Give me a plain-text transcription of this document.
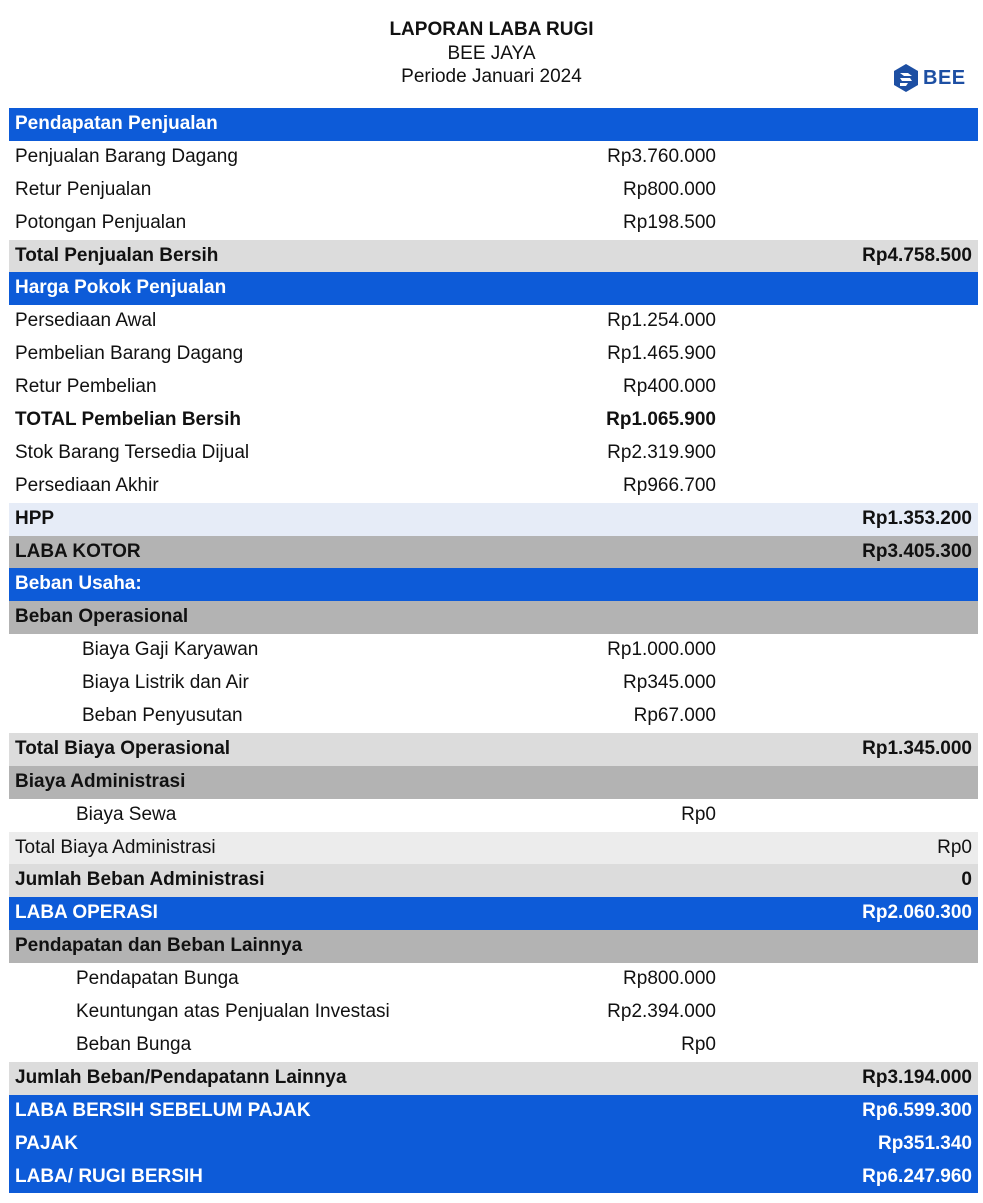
LAPORAN LABA RUGI
BEE JAYA
Periode Januari 2024	BEE
Pendapatan Penjualan
Penjualan Barang Dagang	Rp3.760.000
Retur Penjualan	Rp800.000
Potongan Penjualan	Rp198.500
Total Penjualan Bersih	Rp4.758.500
Harga Pokok Penjualan
Persediaan Awal	Rp1.254.000
Pembelian Barang Dagang	Rp1.465.900
Retur Pembelian	Rp400.000
TOTAL Pembelian Bersih	Rp1.065.900
Stok Barang Tersedia Dijual	Rp2.319.900
Persediaan Akhir	Rp966.700
HPP	Rp1.353.200
LABA KOTOR	Rp3.405.300
Beban Usaha:
Beban Operasional
Biaya Gaji Karyawan	Rp1.000.000
Biaya Listrik dan Air	Rp345.000
Beban Penyusutan	Rp67.000
Total Biaya Operasional	Rp1.345.000
Biaya Administrasi
Biaya Sewa	Rp0
Total Biaya Administrasi	Rp0
Jumlah Beban Administrasi	0
LABA OPERASI	Rp2.060.300
Pendapatan dan Beban Lainnya
Pendapatan Bunga	Rp800.000
Keuntungan atas Penjualan Investasi	Rp2.394.000
Beban Bunga	Rp0
Jumlah Beban/Pendapatann Lainnya	Rp3.194.000
LABA BERSIH SEBELUM PAJAK	Rp6.599.300
PAJAK	Rp351.340
LABA/ RUGI BERSIH	Rp6.247.960
